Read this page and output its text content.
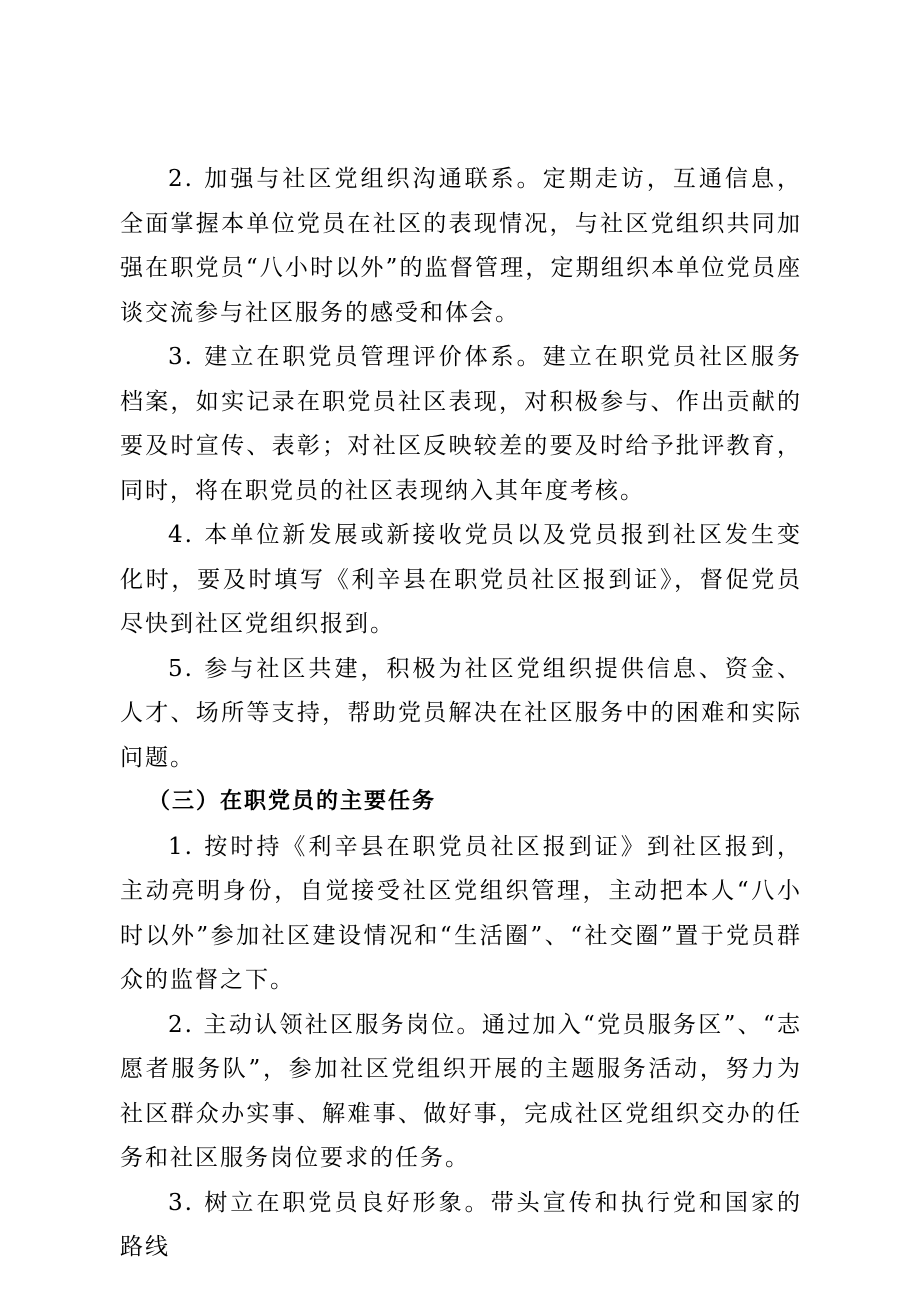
2. 加强与社区党组织沟通联系。定期走访，互通信息，全面掌握本单位党员在社区的表现情况，与社区党组织共同加强在职党员“八小时以外”的监督管理，定期组织本单位党员座谈交流参与社区服务的感受和体会。

3. 建立在职党员管理评价体系。建立在职党员社区服务档案，如实记录在职党员社区表现，对积极参与、作出贡献的要及时宣传、表彰；对社区反映较差的要及时给予批评教育，同时，将在职党员的社区表现纳入其年度考核。

4. 本单位新发展或新接收党员以及党员报到社区发生变化时，要及时填写《利辛县在职党员社区报到证》，督促党员尽快到社区党组织报到。

5. 参与社区共建，积极为社区党组织提供信息、资金、人才、场所等支持，帮助党员解决在社区服务中的困难和实际问题。

（三）在职党员的主要任务

1. 按时持《利辛县在职党员社区报到证》到社区报到，主动亮明身份，自觉接受社区党组织管理，主动把本人“八小时以外”参加社区建设情况和“生活圈”、“社交圈”置于党员群众的监督之下。

2. 主动认领社区服务岗位。通过加入“党员服务区”、“志愿者服务队”，参加社区党组织开展的主题服务活动，努力为社区群众办实事、解难事、做好事，完成社区党组织交办的任务和社区服务岗位要求的任务。

3. 树立在职党员良好形象。带头宣传和执行党和国家的路线
